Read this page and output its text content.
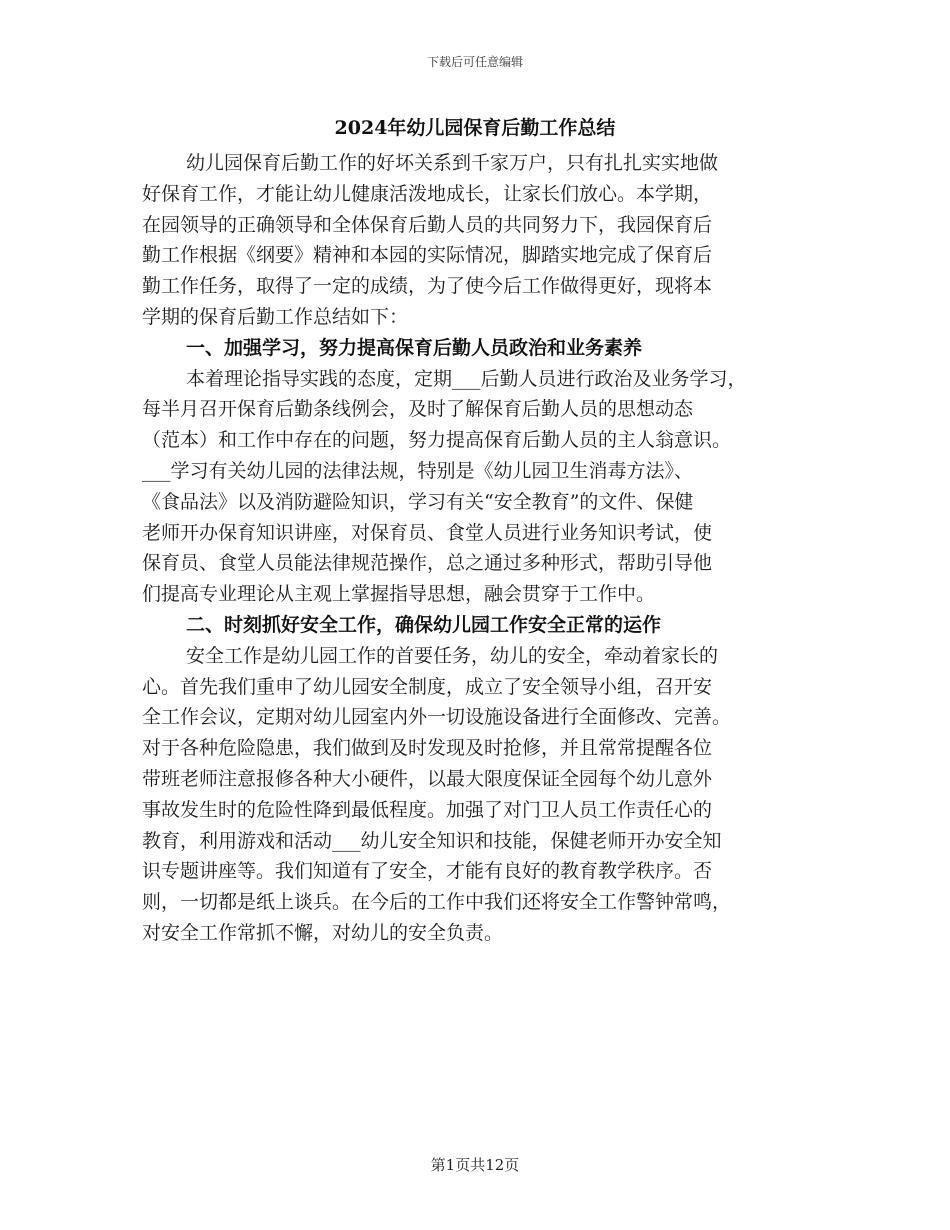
下载后可任意编辑
2024年幼儿园保育后勤工作总结
幼儿园保育后勤工作的好坏关系到千家万户，只有扎扎实实地做
好保育工作，才能让幼儿健康活泼地成长，让家长们放心。本学期，
在园领导的正确领导和全体保育后勤人员的共同努力下，我园保育后
勤工作根据《纲要》精神和本园的实际情况，脚踏实地完成了保育后
勤工作任务，取得了一定的成绩，为了使今后工作做得更好，现将本
学期的保育后勤工作总结如下：
一、加强学习，努力提高保育后勤人员政治和业务素养
本着理论指导实践的态度，定期___后勤人员进行政治及业务学习，
每半月召开保育后勤条线例会，及时了解保育后勤人员的思想动态
（范本）和工作中存在的问题，努力提高保育后勤人员的主人翁意识。
___学习有关幼儿园的法律法规，特别是《幼儿园卫生消毒方法》、
《食品法》以及消防避险知识，学习有关“安全教育”的文件、保健
老师开办保育知识讲座，对保育员、食堂人员进行业务知识考试，使
保育员、食堂人员能法律规范操作，总之通过多种形式，帮助引导他
们提高专业理论从主观上掌握指导思想，融会贯穿于工作中。
二、时刻抓好安全工作，确保幼儿园工作安全正常的运作
安全工作是幼儿园工作的首要任务，幼儿的安全，牵动着家长的
心。首先我们重申了幼儿园安全制度，成立了安全领导小组，召开安
全工作会议，定期对幼儿园室内外一切设施设备进行全面修改、完善。
对于各种危险隐患，我们做到及时发现及时抢修，并且常常提醒各位
带班老师注意报修各种大小硬件，以最大限度保证全园每个幼儿意外
事故发生时的危险性降到最低程度。加强了对门卫人员工作责任心的
教育，利用游戏和活动___幼儿安全知识和技能，保健老师开办安全知
识专题讲座等。我们知道有了安全，才能有良好的教育教学秩序。否
则，一切都是纸上谈兵。在今后的工作中我们还将安全工作警钟常鸣，
对安全工作常抓不懈，对幼儿的安全负责。
第1页共12页
